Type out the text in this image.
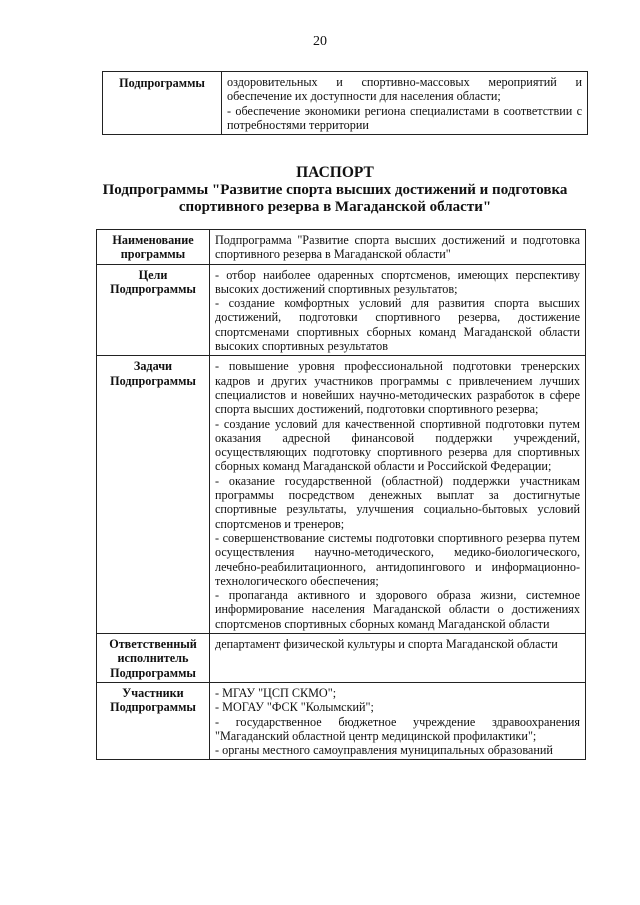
20
Подпрограммы	оздоровительных и спортивно-массовых мероприятий и обеспечение их доступности для населения области;
- обеспечение экономики региона специалистами в соответствии с потребностями территории
ПАСПОРТ
Подпрограммы "Развитие спорта высших достижений и подготовка спортивного резерва в Магаданской области"
Наименование программы	Подпрограмма "Развитие спорта высших достижений и подготовка спортивного резерва в Магаданской области"

Цели Подпрограммы	- отбор наиболее одаренных спортсменов, имеющих перспективу высоких достижений спортивных результатов;

- создание комфортных условий для развития спорта высших достижений, подготовки спортивного резерва, достижение спортсменами спортивных сборных команд Магаданской области высоких спортивных результатов

Задачи Подпрограммы	- повышение уровня профессиональной подготовки тренерских кадров и других участников программы с привлечением лучших специалистов и новейших научно-методических разработок в сфере спорта высших достижений, подготовки спортивного резерва;

- создание условий для качественной спортивной подготовки путем оказания адресной финансовой поддержки учреждений, осуществляющих подготовку спортивного резерва для спортивных сборных команд Магаданской области и Российской Федерации;

- оказание государственной (областной) поддержки участникам программы посредством денежных выплат за достигнутые спортивные результаты, улучшения социально-бытовых условий спортсменов и тренеров;

- совершенствование системы подготовки спортивного резерва путем осуществления научно-методического, медико-биологического, лечебно-реабилитационного, антидопингового и информационно-технологического обеспечения;

- пропаганда активного и здорового образа жизни, системное информирование населения Магаданской области о достижениях спортсменов спортивных сборных команд Магаданской области

Ответственный исполнитель Подпрограммы	департамент физической культуры и спорта Магаданской области

Участники Подпрограммы	- МГАУ "ЦСП СКМО";

- МОГАУ "ФСК "Колымский";

- государственное бюджетное учреждение здравоохранения "Магаданский областной центр медицинской профилактики";

- органы местного самоуправления муниципальных образований
